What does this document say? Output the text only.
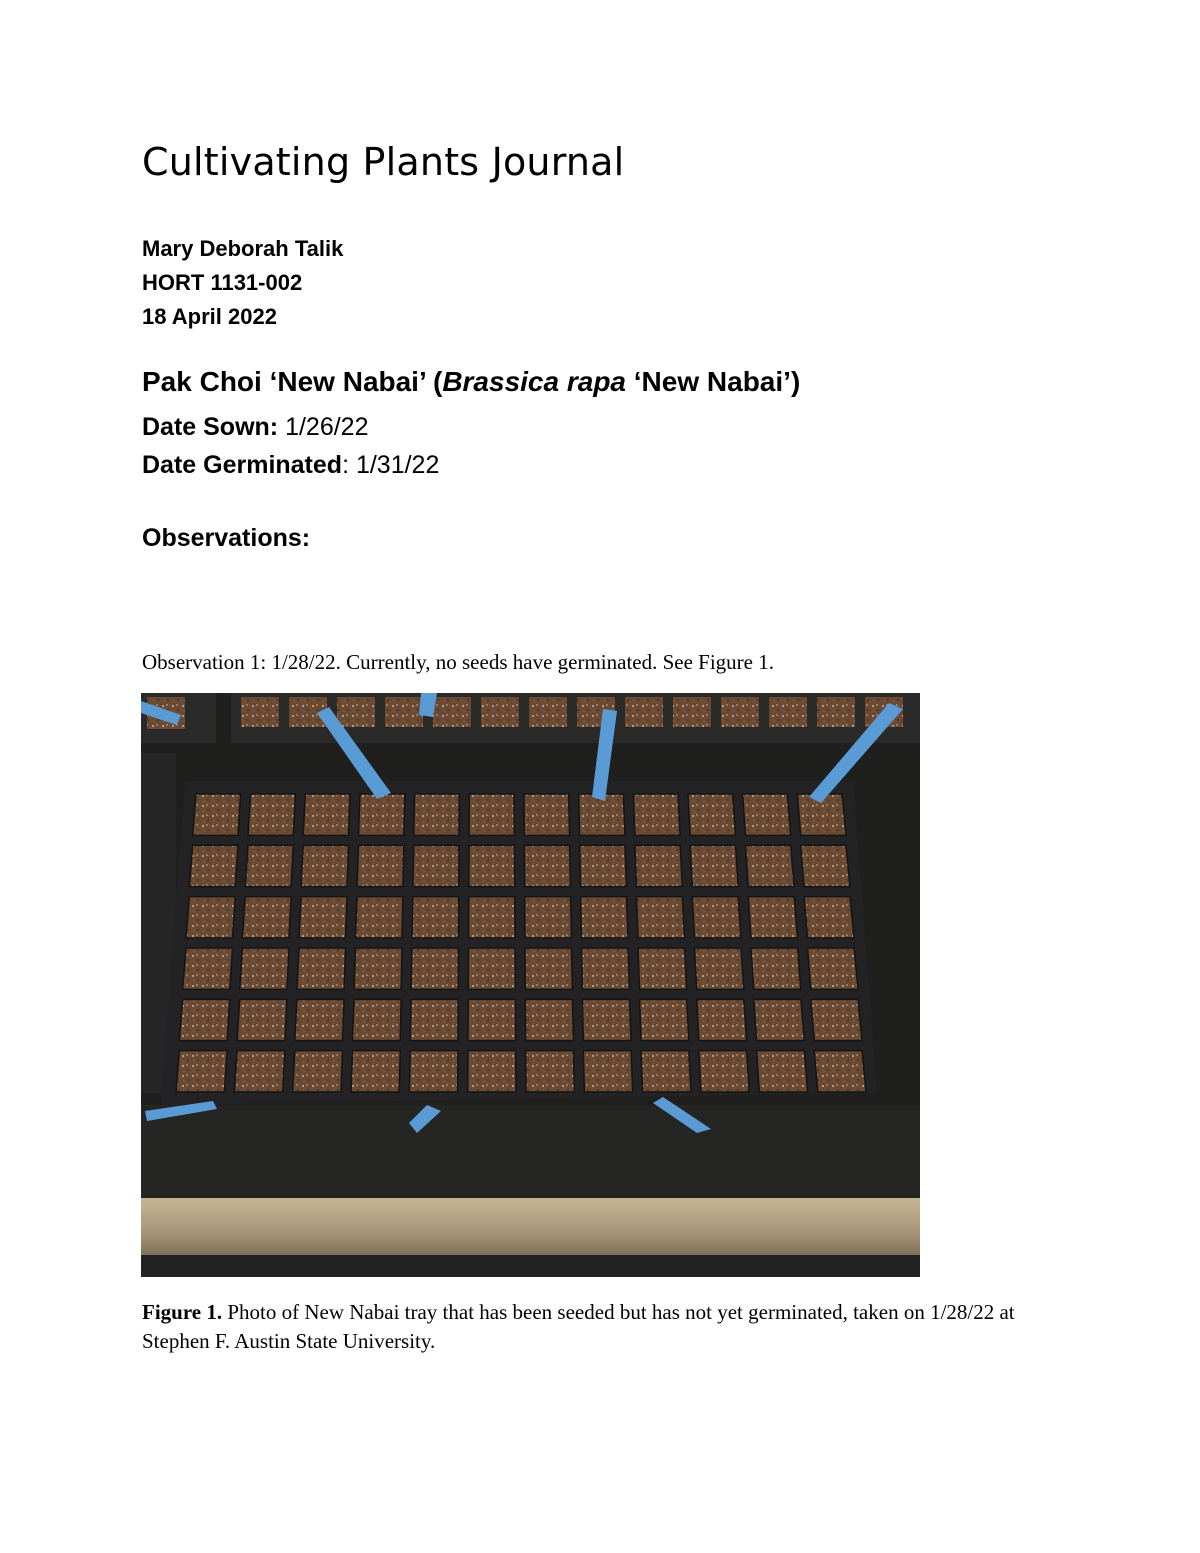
Cultivating Plants Journal
Mary Deborah Talik
HORT 1131-002
18 April 2022
Pak Choi ‘New Nabai’ (Brassica rapa ‘New Nabai’)
Date Sown: 1/26/22
Date Germinated: 1/31/22
Observations:
Observation 1: 1/28/22. Currently, no seeds have germinated. See Figure 1.
Figure 1. Photo of New Nabai tray that has been seeded but has not yet germinated, taken on 1/28/22 at Stephen F. Austin State University.
